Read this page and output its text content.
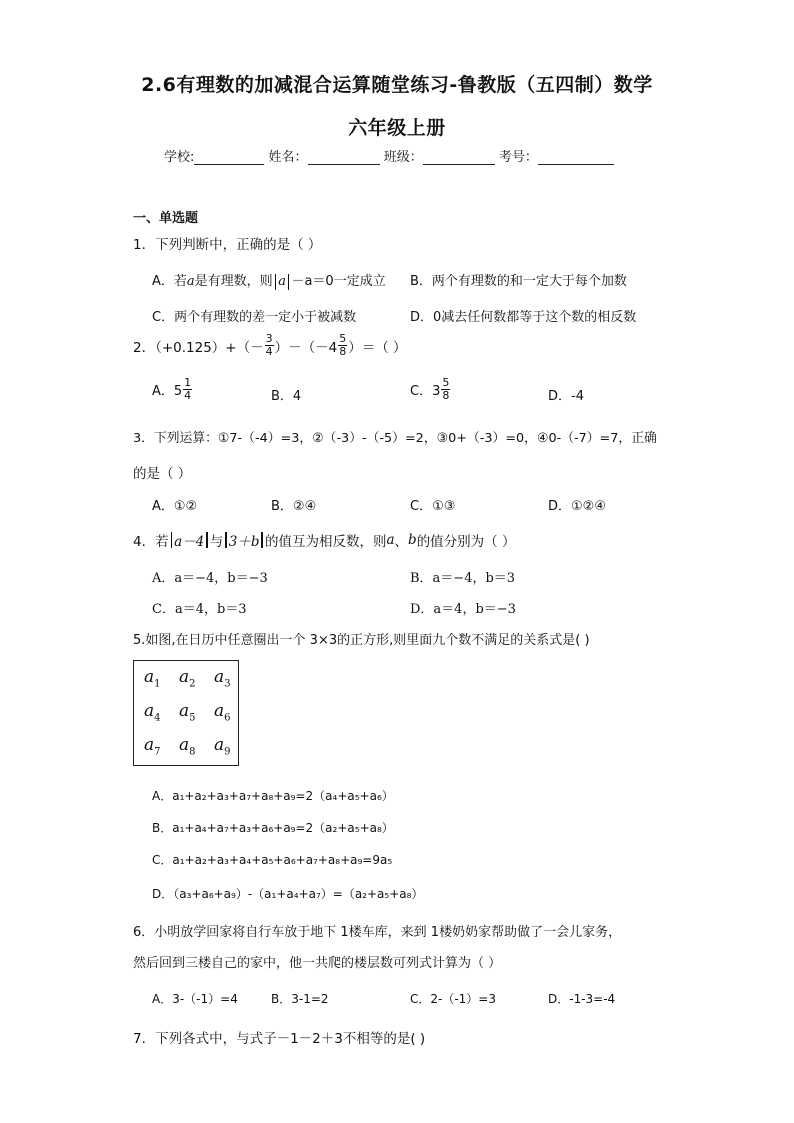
2.6有理数的加减混合运算随堂练习-鲁教版（五四制）数学
六年级上册
学校:	姓名：	班级：	考号：
一、单选题
1．下列判断中，正确的是（ ）
A．若a是有理数，则 a －a＝0一定成立 B．两个有理数的和一定大于每个加数
C．两个有理数的差一定小于被减数	D．0减去任何数都等于这个数的相反数
2．$(+0.125)+(- \frac{3}{4} )-(-4 \frac{5}{8}$ ）＝（ ）
A．$5 \frac{1}{4}$	B．4	C．$3 \frac{5}{8}$	D．-4
3．下列运算：①7-（-4）=3，②（-3）-（-5）=2，③0+（-3）=0，④0-（-7）=7，正确
的是（ ）
A．①②	B．②④	C．①③	D．①②④
4．若 a－4 与 3＋b 的值互为相反数，则 a 、 b 的值分别为（ ）
A．a＝−4，b＝−3	B．a＝−4，b＝3
C．a＝4，b＝3	D．a＝4，b＝−3
5.如图,在日历中任意圈出一个 3×3的正方形,则里面九个数不满足的关系式是( )
$a_1$ $a_2$ $a_3$
$a_4$ $a_5$ $a_6$
$a_7$ $a_8$ $a_9$
A．a₁+a₂+a₃+a₇+a₈+a₉=2（a₄+a₅+a₆）
B．a₁+a₄+a₇+a₃+a₆+a₉=2（a₂+a₅+a₈）
C．a₁+a₂+a₃+a₄+a₅+a₆+a₇+a₈+a₉=9a₅
D．（a₃+a₆+a₉）-（a₁+a₄+a₇）=（a₂+a₅+a₈）
6．小明放学回家将自行车放于地下 1楼车库，来到 1楼奶奶家帮助做了一会儿家务，
然后回到三楼自己的家中，他一共爬的楼层数可列式计算为（ ）
A．3-（-1）=4	B．3-1=2	C．2-（-1）=3	D．-1-3=-4
7．下列各式中，与式子－1－2＋3不相等的是( )
